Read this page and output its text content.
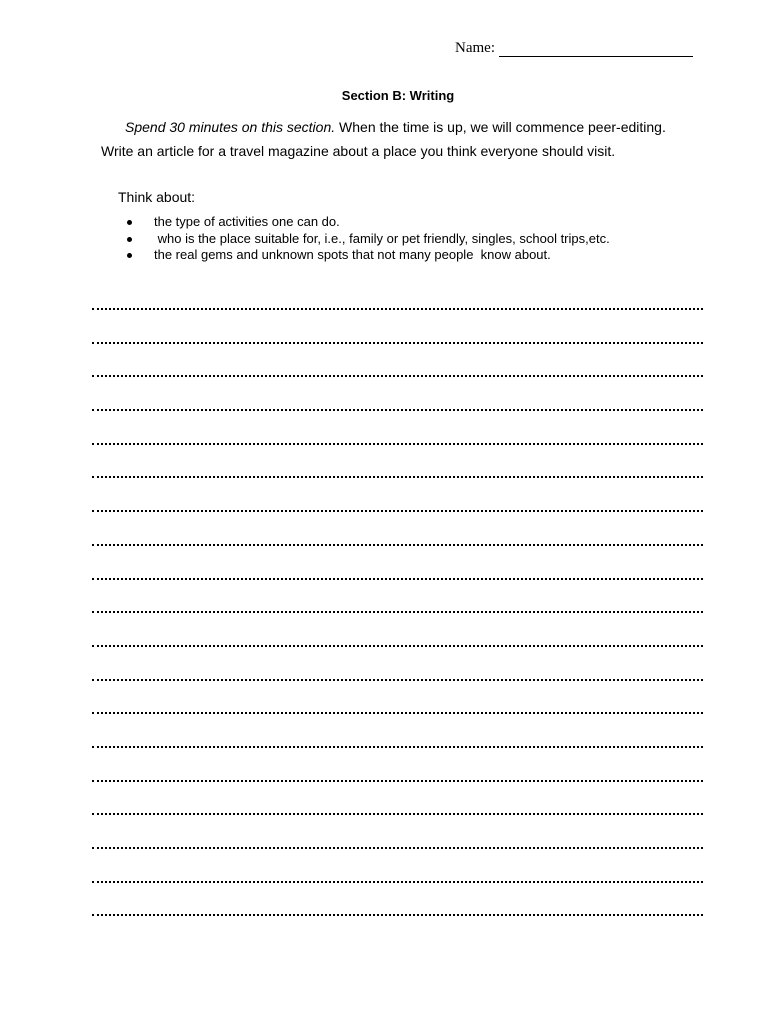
Name:
Section B: Writing
Spend 30 minutes on this section. When the time is up, we will commence peer-editing.
Write an article for a travel magazine about a place you think everyone should visit.
Think about:
the type of activities one can do.
who is the place suitable for, i.e., family or pet friendly, singles, school trips,etc.
the real gems and unknown spots that not many people  know about.
